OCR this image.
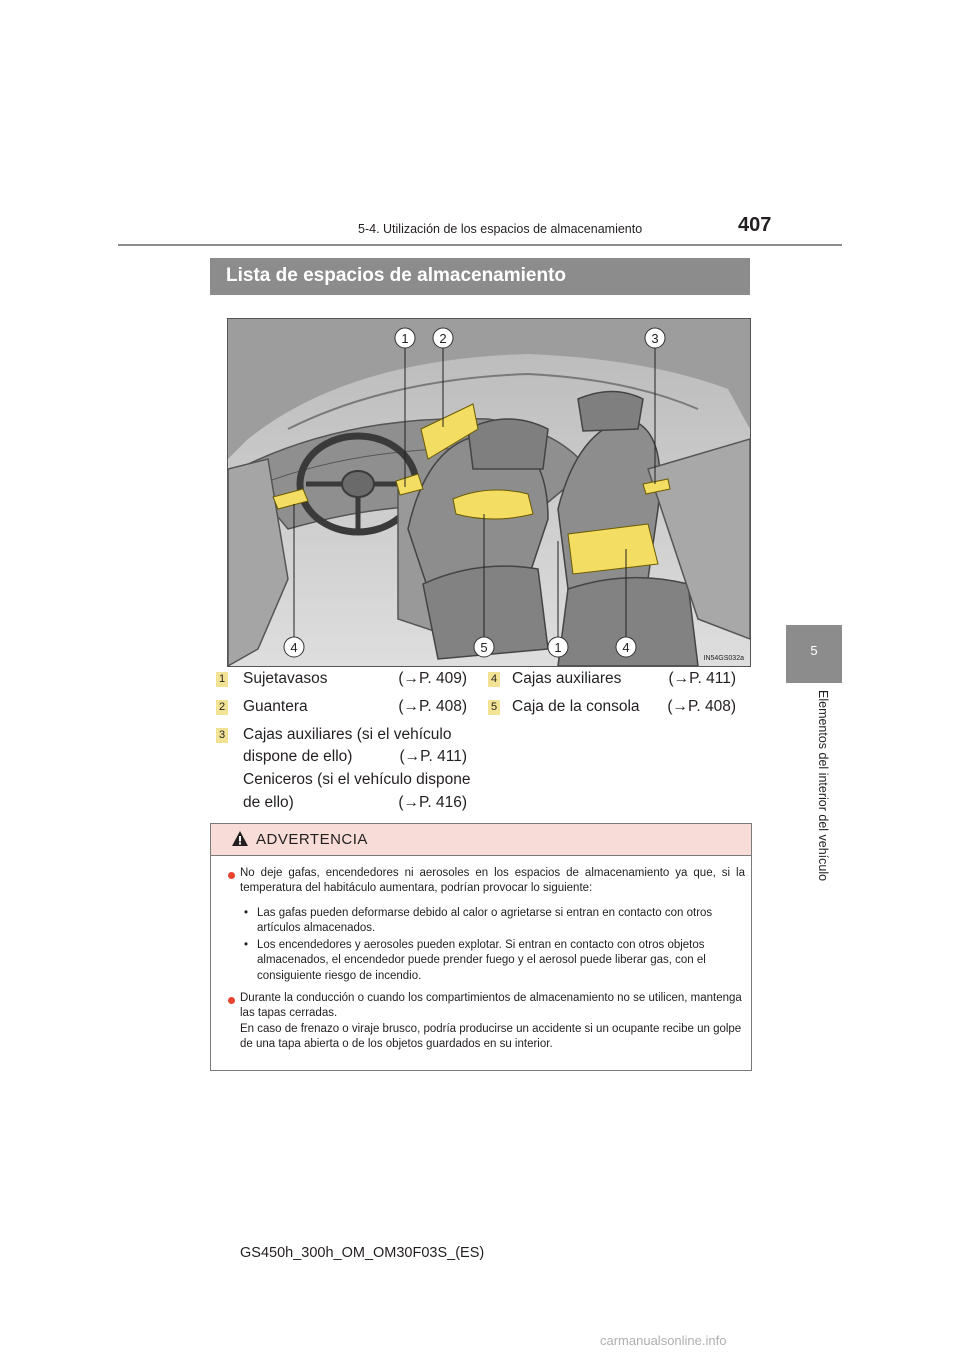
5-4. Utilización de los espacios de almacenamiento	407
5
Elementos del interior del vehículo
Lista de espacios de almacenamiento
1 2	3
4	5	1	4
IN54GS032a
1 Sujetavasos	(→P. 409)
2 Guantera	(→P. 408)
3 Cajas auxiliares (si el vehículo
dispone de ello)	(→P. 411)
Ceniceros (si el vehículo dispone
de ello)	(→P. 416)
4 Cajas auxiliares	(→P. 411)
5 Caja de la consola	(→P. 408)
ADVERTENCIA
No deje gafas, encendedores ni aerosoles en los espacios de almacenamiento ya que, si la temperatura del habitáculo aumentara, podrían provocar lo siguiente:
• Las gafas pueden deformarse debido al calor o agrietarse si entran en contacto con otros artículos almacenados.
• Los encendedores y aerosoles pueden explotar. Si entran en contacto con otros objetos almacenados, el encendedor puede prender fuego y el aerosol puede liberar gas, con el consiguiente riesgo de incendio.
Durante la conducción o cuando los compartimientos de almacenamiento no se utilicen, mantenga las tapas cerradas.
En caso de frenazo o viraje brusco, podría producirse un accidente si un ocupante recibe un golpe de una tapa abierta o de los objetos guardados en su interior.
GS450h_300h_OM_OM30F03S_(ES)
carmanualsonline.info
